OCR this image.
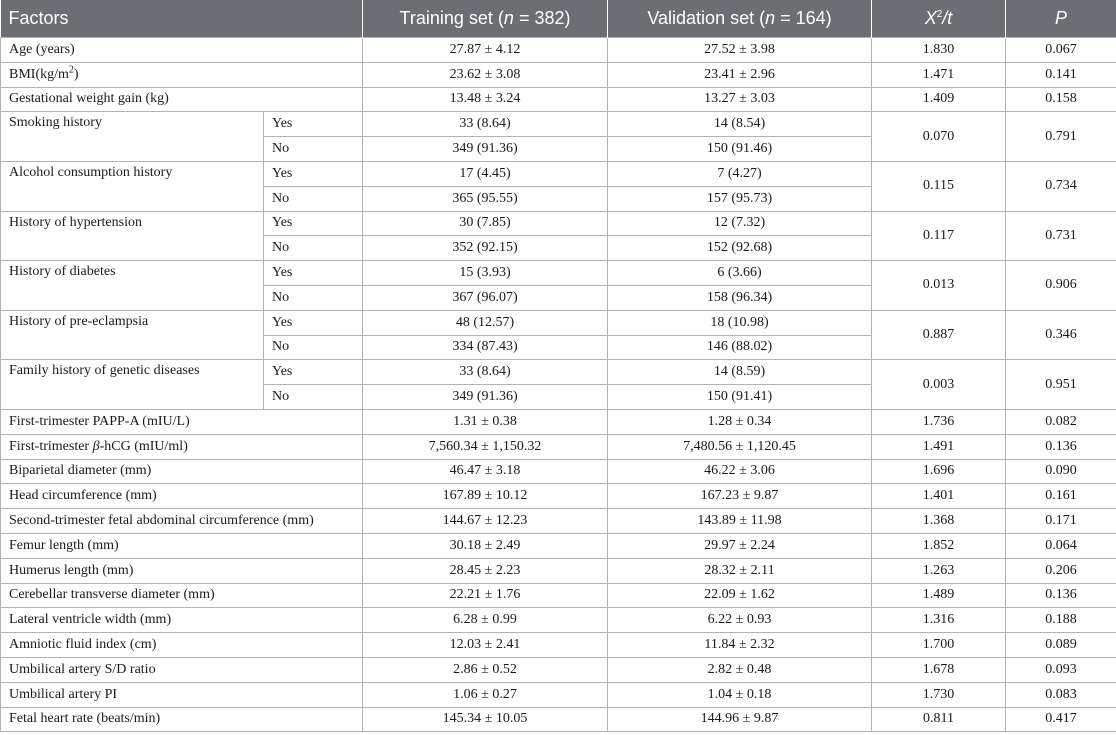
Factors		Training set (n = 382)	Validation set (n = 164)	$X^2/t$	P
Age (years)		27.87 ± 4.12	27.52 ± 3.98	1.830	0.067
$BMI(kg/m^2)$		23.62 ± 3.08	23.41 ± 2.96	1.471	0.141
Gestational weight gain (kg)		13.48 ± 3.24	13.27 ± 3.03	1.409	0.158
Smoking history	Yes	33 (8.64)	14 (8.54)	0.070	0.791
	No	349 (91.36)	150 (91.46)		
Alcohol consumption history	Yes	17 (4.45)	7 (4.27)	0.115	0.734
	No	365 (95.55)	157 (95.73)		
History of hypertension	Yes	30 (7.85)	12 (7.32)	0.117	0.731
	No	352 (92.15)	152 (92.68)		
History of diabetes	Yes	15 (3.93)	6 (3.66)	0.013	0.906
	No	367 (96.07)	158 (96.34)		
History of pre-eclampsia	Yes	48 (12.57)	18 (10.98)	0.887	0.346
	No	334 (87.43)	146 (88.02)		
Family history of genetic diseases	Yes	33 (8.64)	14 (8.59)	0.003	0.951
	No	349 (91.36)	150 (91.41)		
First-trimester PAPP-A (mIU/L)		1.31 ± 0.38	1.28 ± 0.34	1.736	0.082
First-trimester β-hCG (mIU/ml)		7,560.34 ± 1,150.32	7,480.56 ± 1,120.45	1.491	0.136
Biparietal diameter (mm)		46.47 ± 3.18	46.22 ± 3.06	1.696	0.090
Head circumference (mm)		167.89 ± 10.12	167.23 ± 9.87	1.401	0.161
Second-trimester fetal abdominal circumference (mm)		144.67 ± 12.23	143.89 ± 11.98	1.368	0.171
Femur length (mm)		30.18 ± 2.49	29.97 ± 2.24	1.852	0.064
Humerus length (mm)		28.45 ± 2.23	28.32 ± 2.11	1.263	0.206
Cerebellar transverse diameter (mm)		22.21 ± 1.76	22.09 ± 1.62	1.489	0.136
Lateral ventricle width (mm)		6.28 ± 0.99	6.22 ± 0.93	1.316	0.188
Amniotic fluid index (cm)		12.03 ± 2.41	11.84 ± 2.32	1.700	0.089
Umbilical artery S/D ratio		2.86 ± 0.52	2.82 ± 0.48	1.678	0.093
Umbilical artery PI		1.06 ± 0.27	1.04 ± 0.18	1.730	0.083
Fetal heart rate (beats/min)		145.34 ± 10.05	144.96 ± 9.87	0.811	0.417
